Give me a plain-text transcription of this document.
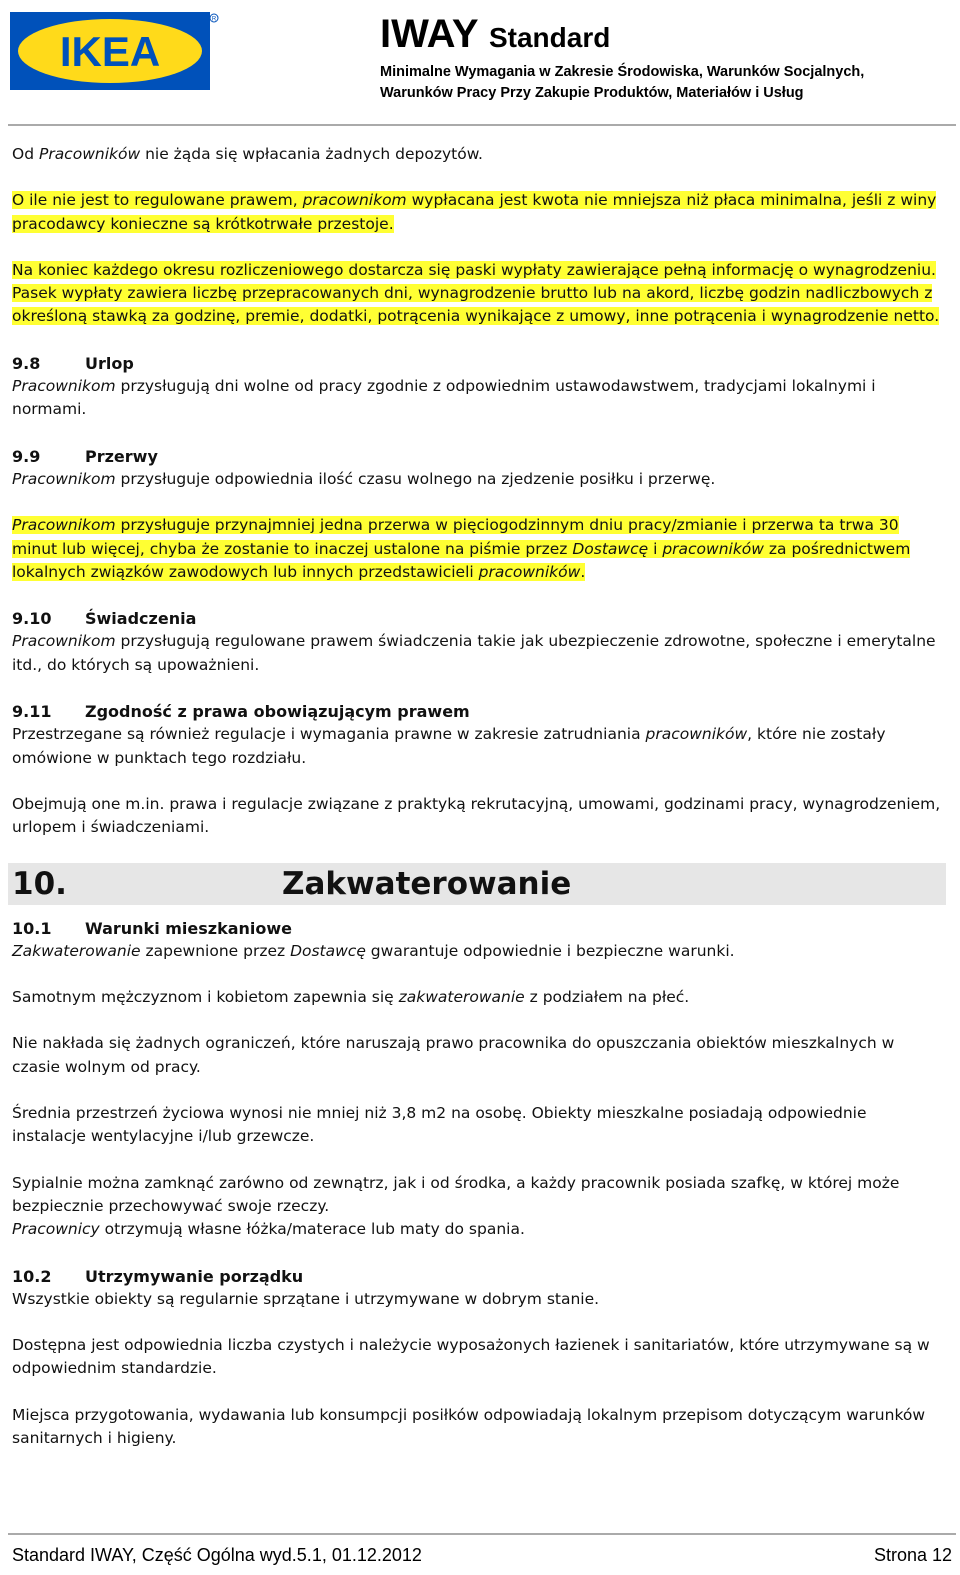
IKEA
R	IWAY Standard
Minimalne Wymagania w Zakresie Środowiska, Warunków Socjalnych,
Warunków Pracy Przy Zakupie Produktów, Materiałów i Usług

Od Pracowników nie żąda się wpłacania żadnych depozytów.

O ile nie jest to regulowane prawem, pracownikom wypłacana jest kwota nie mniejsza niż płaca minimalna, jeśli z winy pracodawcy konieczne są krótkotrwałe przestoje.

Na koniec każdego okresu rozliczeniowego dostarcza się paski wypłaty zawierające pełną informację o wynagrodzeniu. Pasek wypłaty zawiera liczbę przepracowanych dni, wynagrodzenie brutto lub na akord, liczbę godzin nadliczbowych z określoną stawką za godzinę, premie, dodatki, potrącenia wynikające z umowy, inne potrącenia i wynagrodzenie netto.

9.8	Urlop

Pracownikom przysługują dni wolne od pracy zgodnie z odpowiednim ustawodawstwem, tradycjami lokalnymi i normami.

9.9	Przerwy

Pracownikom przysługuje odpowiednia ilość czasu wolnego na zjedzenie posiłku i przerwę.

Pracownikom przysługuje przynajmniej jedna przerwa w pięciogodzinnym dniu pracy/zmianie i przerwa ta trwa 30 minut lub więcej, chyba że zostanie to inaczej ustalone na piśmie przez Dostawcę i pracowników za pośrednictwem lokalnych związków zawodowych lub innych przedstawicieli pracowników.

9.10 Świadczenia

Pracownikom przysługują regulowane prawem świadczenia takie jak ubezpieczenie zdrowotne, społeczne i emerytalne itd., do których są upoważnieni.

9.11 Zgodność z prawa obowiązującym prawem

Przestrzegane są również regulacje i wymagania prawne w zakresie zatrudniania pracowników, które nie zostały omówione w punktach tego rozdziału.

Obejmują one m.in. prawa i regulacje związane z praktyką rekrutacyjną, umowami, godzinami pracy, wynagrodzeniem, urlopem i świadczeniami.

10.	Zakwaterowanie
10.1 Warunki mieszkaniowe

Zakwaterowanie zapewnione przez Dostawcę gwarantuje odpowiednie i bezpieczne warunki.

Samotnym mężczyznom i kobietom zapewnia się zakwaterowanie z podziałem na płeć.

Nie nakłada się żadnych ograniczeń, które naruszają prawo pracownika do opuszczania obiektów mieszkalnych w czasie wolnym od pracy.

Średnia przestrzeń życiowa wynosi nie mniej niż 3,8 m2 na osobę. Obiekty mieszkalne posiadają odpowiednie instalacje wentylacyjne i/lub grzewcze.

Sypialnie można zamknąć zarówno od zewnątrz, jak i od środka, a każdy pracownik posiada szafkę, w której może bezpiecznie przechowywać swoje rzeczy.

Pracownicy otrzymują własne łóżka/materace lub maty do spania.

10.2 Utrzymywanie porządku

Wszystkie obiekty są regularnie sprzątane i utrzymywane w dobrym stanie.

Dostępna jest odpowiednia liczba czystych i należycie wyposażonych łazienek i sanitariatów, które utrzymywane są w odpowiednim standardzie.

Miejsca przygotowania, wydawania lub konsumpcji posiłków odpowiadają lokalnym przepisom dotyczącym warunków sanitarnych i higieny.

Standard IWAY, Część Ogólna wyd.5.1, 01.12.2012	Strona 12
